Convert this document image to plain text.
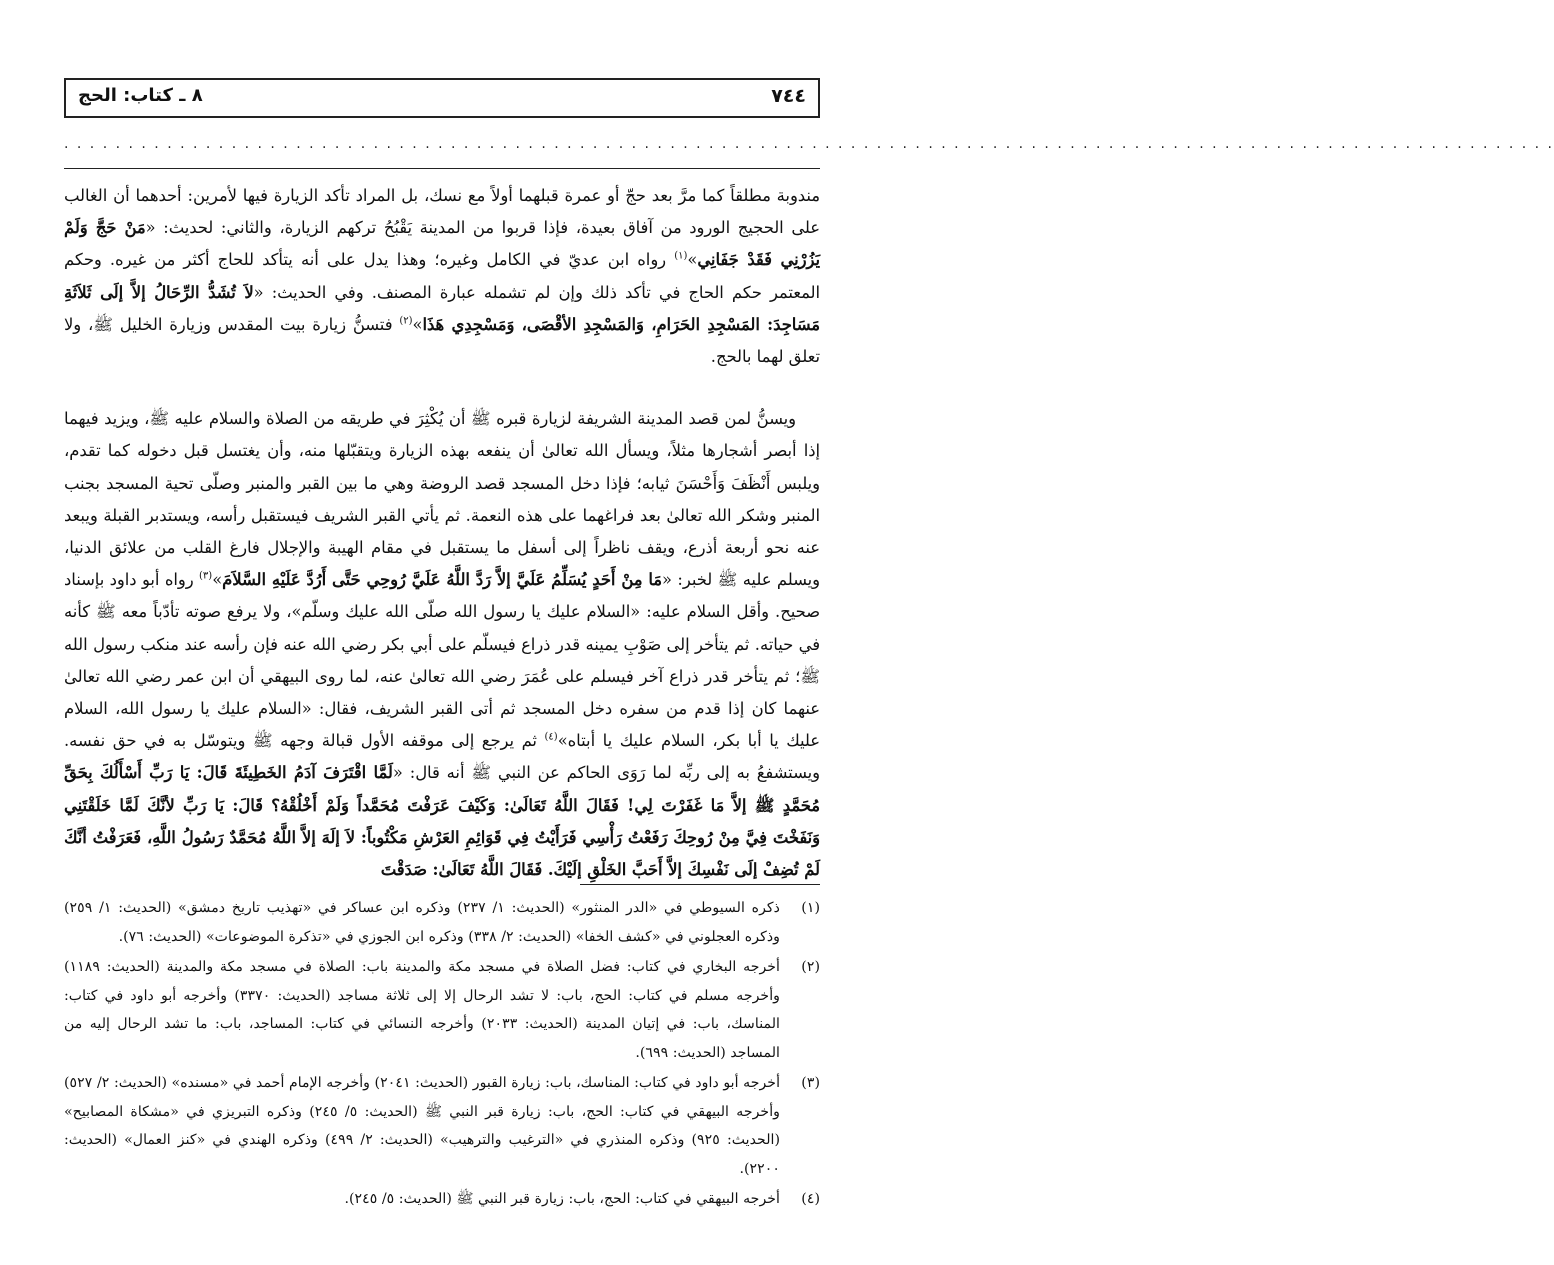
٧٤٤
٨ ـ كتاب: الحج
· · · · · · · · · · · · · · · · · · · · · · · · · · · · · · · · · · · · · · · · · · · · · · · · · · · · · · · · · · · · · · · · · · · · · · · · · · · · · · · · · · · · · · · · · · · · · · · · · · · · · · · · · · · · · · · · · · · ·

مندوبة مطلقاً كما مرَّ بعد حجّ أو عمرة قبلهما أولاً مع نسك، بل المراد تأكد الزيارة فيها لأمرين: أحدهما أن الغالب على الحجيج الورود من آفاق بعيدة، فإذا قربوا من المدينة يَقْبُحُ تركهم الزيارة، والثاني: لحديث: «مَنْ حَجَّ وَلَمْ يَزُرْنِي فَقَدْ جَفَانِي»$^{(١)}$ رواه ابن عديّ في الكامل وغيره؛ وهذا يدل على أنه يتأكد للحاج أكثر من غيره. وحكم المعتمر حكم الحاج في تأكد ذلك وإن لم تشمله عبارة المصنف. وفي الحديث: «لاَ تُشَدُّ الرِّحَالُ إلاَّ إلَى ثَلاَثَةِ مَسَاجِدَ: المَسْجِدِ الحَرَامِ، وَالمَسْجِدِ الأقْصَى، وَمَسْجِدِي هَذَا»$^{(٢)}$ فتسنُّ زيارة بيت المقدس وزيارة الخليل ﷺ، ولا تعلق لهما بالحج.

ويسنُّ لمن قصد المدينة الشريفة لزيارة قبره ﷺ أن يُكْثِرَ في طريقه من الصلاة والسلام عليه ﷺ، ويزيد فيهما إذا أبصر أشجارها مثلاً، ويسأل الله تعالىٰ أن ينفعه بهذه الزيارة ويتقبّلها منه، وأن يغتسل قبل دخوله كما تقدم، ويلبس أَنْظَفَ وَأَحْسَنَ ثيابه؛ فإذا دخل المسجد قصد الروضة وهي ما بين القبر والمنبر وصلّى تحية المسجد بجنب المنبر وشكر الله تعالىٰ بعد فراغهما على هذه النعمة. ثم يأتي القبر الشريف فيستقبل رأسه، ويستدبر القبلة ويبعد عنه نحو أربعة أذرع، ويقف ناظراً إلى أسفل ما يستقبل في مقام الهيبة والإجلال فارغ القلب من علائق الدنيا، ويسلم عليه ﷺ لخبر: «مَا مِنْ أَحَدٍ يُسَلِّمُ عَلَيَّ إلاَّ رَدَّ اللَّهُ عَلَيَّ رُوحِي حَتَّى أَرُدَّ عَلَيْهِ السَّلاَمَ»$^{(٣)}$ رواه أبو داود بإسناد صحيح. وأقل السلام عليه: «السلام عليك يا رسول الله صلّى الله عليك وسلّم»، ولا يرفع صوته تأدّباً معه ﷺ كأنه في حياته. ثم يتأخر إلى صَوْبِ يمينه قدر ذراع فيسلّم على أبي بكر رضي الله عنه فإن رأسه عند منكب رسول الله ﷺ؛ ثم يتأخر قدر ذراع آخر فيسلم على عُمَرَ رضي الله تعالىٰ عنه، لما روى البيهقي أن ابن عمر رضي الله تعالىٰ عنهما كان إذا قدم من سفره دخل المسجد ثم أتى القبر الشريف، فقال: «السلام عليك يا رسول الله، السلام عليك يا أبا بكر، السلام عليك يا أبتاه»$^{(٤)}$ ثم يرجع إلى موقفه الأول قبالة وجهه ﷺ ويتوسّل به في حق نفسه. ويستشفعُ به إلى ربِّه لما رَوَى الحاكم عن النبي ﷺ أنه قال: «لَمَّا اقْتَرَفَ آدَمُ الخَطِيئَةَ قَالَ: يَا رَبِّ أَسْأَلُكَ بِحَقِّ مُحَمَّدٍ ﷺ إلاَّ مَا غَفَرْتَ لِي! فَقَالَ اللَّهُ تَعَالَىٰ: وَكَيْفَ عَرَفْتَ مُحَمَّداً وَلَمْ أَخْلُقْهُ؟ قَالَ: يَا رَبِّ لأنَّكَ لَمَّا خَلَقْتَنِي وَنَفَخْتَ فِيَّ مِنْ رُوحِكَ رَفَعْتُ رَأْسِي فَرَأَيْتُ فِي قَوَائِمِ العَرْشِ مَكْتُوباً: لاَ إلَهَ إلاَّ اللَّهُ مُحَمَّدٌ رَسُولُ اللَّهِ، فَعَرَفْتُ أنَّكَ لَمْ تُضِفْ إلَى نَفْسِكَ إلاَّ أَحَبَّ الخَلْقِ إلَيْكَ. فَقَالَ اللَّهُ تَعَالَىٰ: صَدَقْتَ

(١)
ذكره السيوطي في «الدر المنثور» (الحديث: ١/ ٢٣٧) وذكره ابن عساكر في «تهذيب تاريخ دمشق» (الحديث: ١/ ٢٥٩) وذكره العجلوني في «كشف الخفا» (الحديث: ٢/ ٣٣٨) وذكره ابن الجوزي في «تذكرة الموضوعات» (الحديث: ٧٦).
(٢)
أخرجه البخاري في كتاب: فضل الصلاة في مسجد مكة والمدينة باب: الصلاة في مسجد مكة والمدينة (الحديث: ١١٨٩) وأخرجه مسلم في كتاب: الحج، باب: لا تشد الرحال إلا إلى ثلاثة مساجد (الحديث: ٣٣٧٠) وأخرجه أبو داود في كتاب: المناسك، باب: في إتيان المدينة (الحديث: ٢٠٣٣) وأخرجه النسائي في كتاب: المساجد، باب: ما تشد الرحال إليه من المساجد (الحديث: ٦٩٩).
(٣)
أخرجه أبو داود في كتاب: المناسك، باب: زيارة القبور (الحديث: ٢٠٤١) وأخرجه الإمام أحمد في «مسنده» (الحديث: ٢/ ٥٢٧) وأخرجه البيهقي في كتاب: الحج، باب: زيارة قبر النبي ﷺ (الحديث: ٥/ ٢٤٥) وذكره التبريزي في «مشكاة المصابيح» (الحديث: ٩٢٥) وذكره المنذري في «الترغيب والترهيب» (الحديث: ٢/ ٤٩٩) وذكره الهندي في «كنز العمال» (الحديث: ٢٢٠٠).
(٤)
أخرجه البيهقي في كتاب: الحج، باب: زيارة قبر النبي ﷺ (الحديث: ٥/ ٢٤٥).
